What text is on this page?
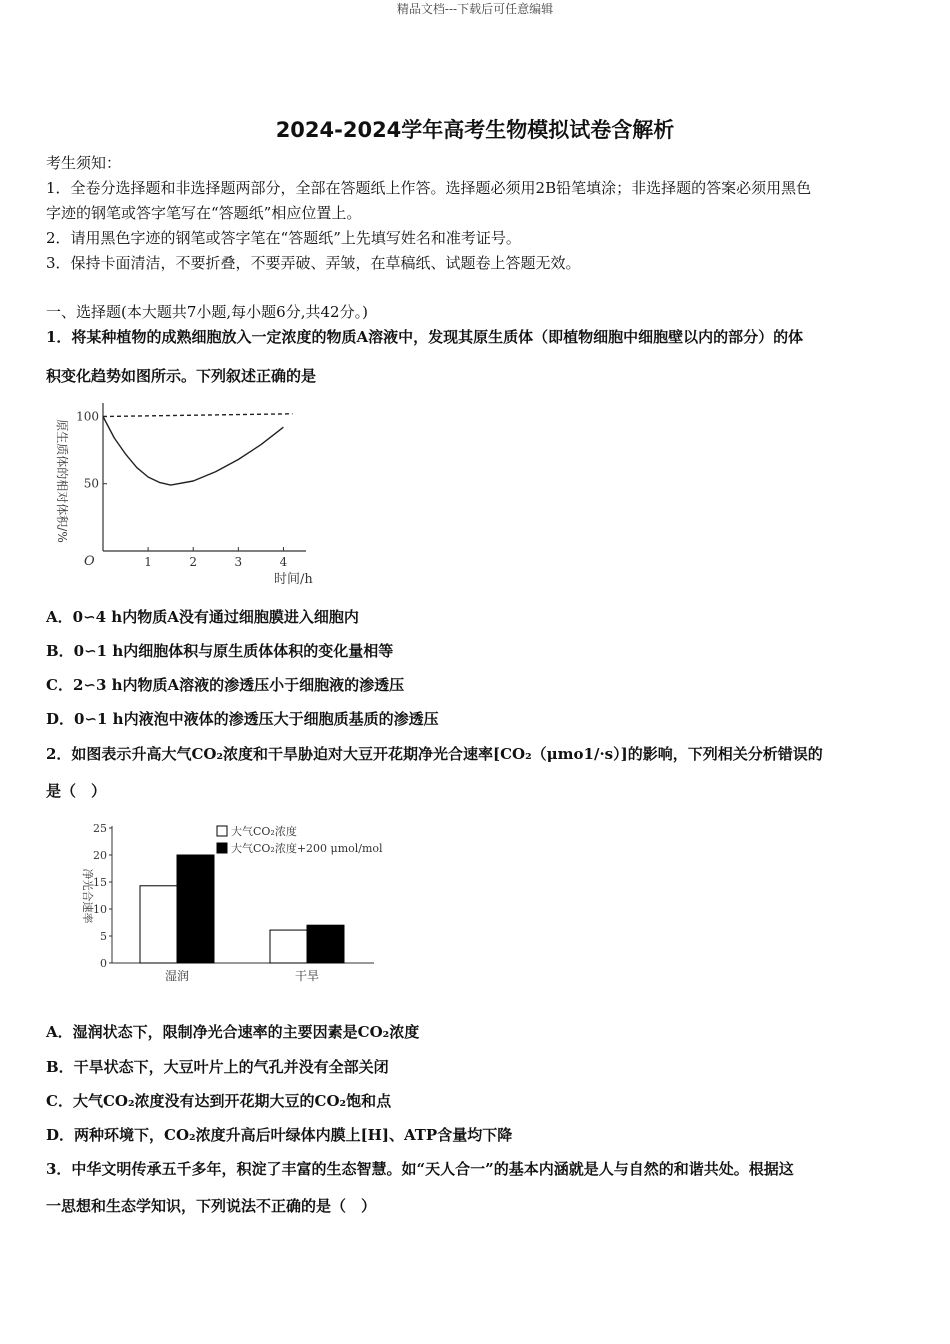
精品文档---下载后可任意编辑
2024-2024学年高考生物模拟试卷含解析
考生须知：
1．全卷分选择题和非选择题两部分，全部在答题纸上作答。选择题必须用2B铅笔填涂；非选择题的答案必须用黑色
字迹的钢笔或答字笔写在“答题纸”相应位置上。
2．请用黑色字迹的钢笔或答字笔在“答题纸”上先填写姓名和准考证号。
3．保持卡面清洁，不要折叠，不要弄破、弄皱，在草稿纸、试题卷上答题无效。
一、选择题(本大题共7小题,每小题6分,共42分。)
1．将某种植物的成熟细胞放入一定浓度的物质A溶液中，发现其原生质体（即植物细胞中细胞壁以内的部分）的体
积变化趋势如图所示。下列叙述正确的是
原生质体的相对体积/%
时间/h
O	1	2	3	4
50
100
A．0∽4 h内物质A没有通过细胞膜进入细胞内
B．0∽1 h内细胞体积与原生质体体积的变化量相等
C．2∽3 h内物质A溶液的渗透压小于细胞液的渗透压
D．0∽1 h内液泡中液体的渗透压大于细胞质基质的渗透压
2．如图表示升高大气CO₂浓度和干旱胁迫对大豆开花期净光合速率[CO₂（μmo1/·s）]的影响，下列相关分析错误的
是（　）
净光合速率
0
5
10
15
20
25
湿润	干旱
大气CO₂浓度
大气CO₂浓度+200 μmol/mol
A．湿润状态下，限制净光合速率的主要因素是CO₂浓度
B．干旱状态下，大豆叶片上的气孔并没有全部关闭
C．大气CO₂浓度没有达到开花期大豆的CO₂饱和点
D．两种环境下，CO₂浓度升高后叶绿体内膜上[H]、ATP含量均下降
3．中华文明传承五千多年，积淀了丰富的生态智慧。如“天人合一”的基本内涵就是人与自然的和谐共处。根据这
一思想和生态学知识，下列说法不正确的是（　）
